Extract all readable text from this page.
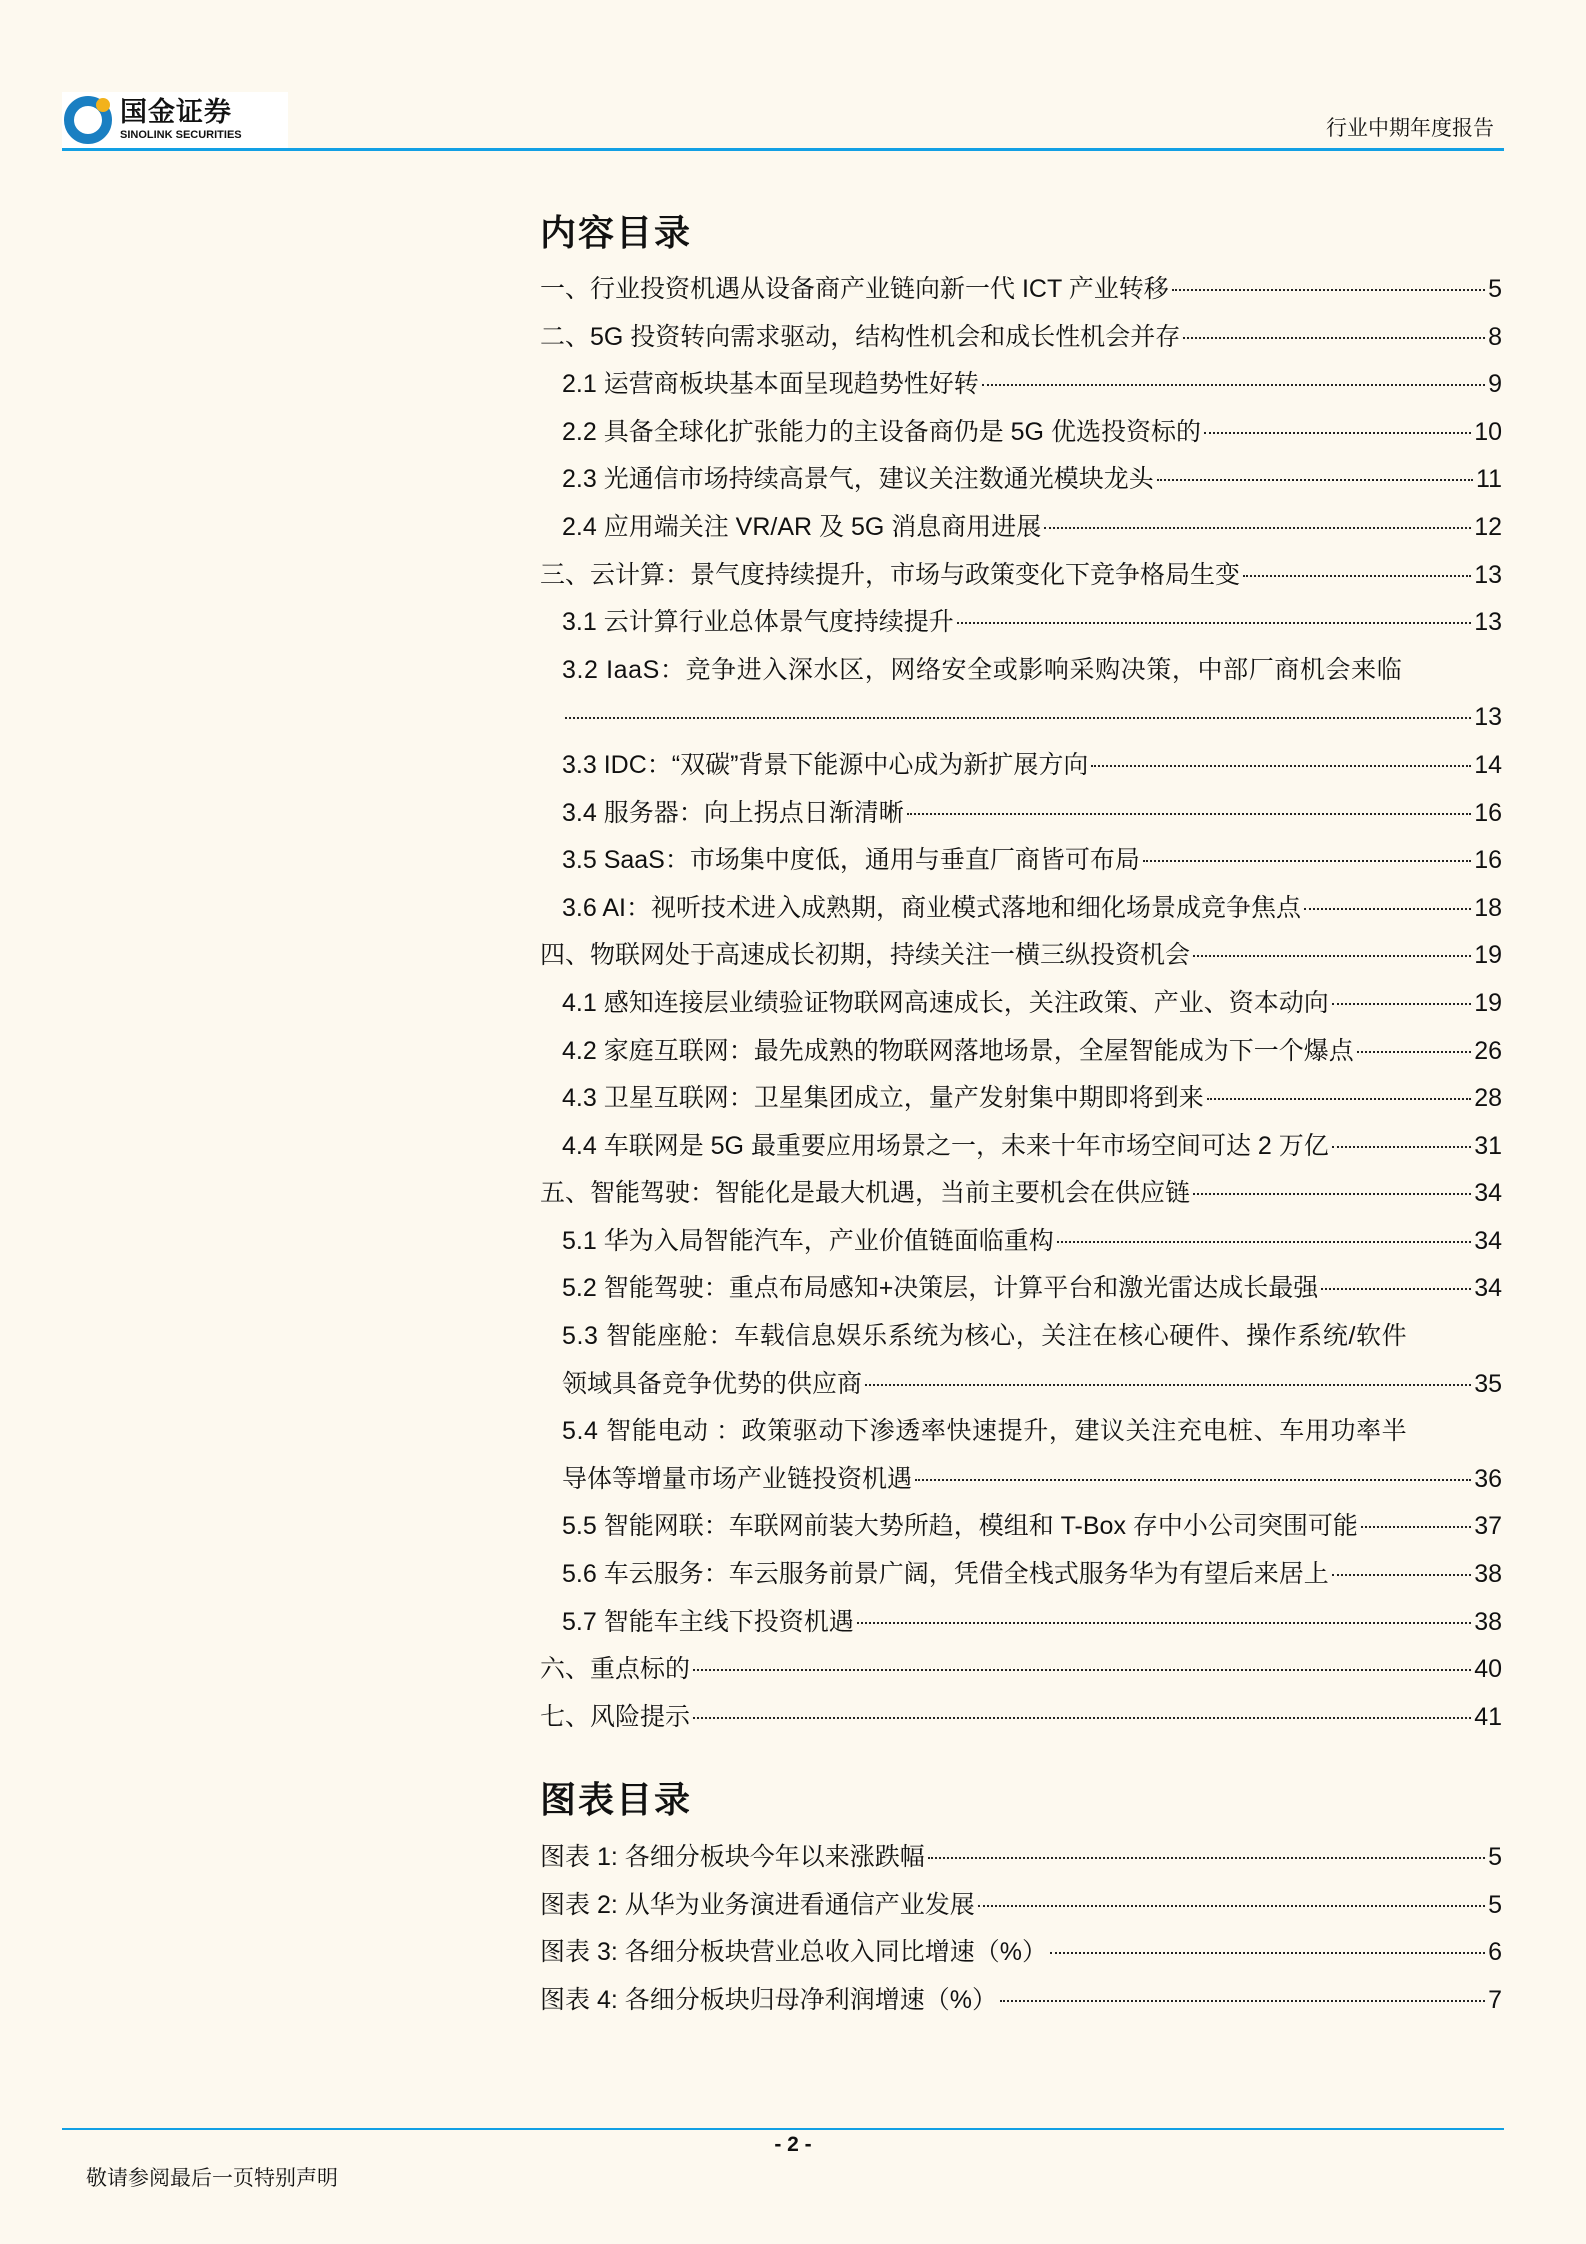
国金证券
SINOLINK SECURITIES	行业中期年度报告
内容目录
一、行业投资机遇从设备商产业链向新一代 ICT 产业转移	5
二、5G 投资转向需求驱动，结构性机会和成长性机会并存	8
2.1 运营商板块基本面呈现趋势性好转	9
2.2 具备全球化扩张能力的主设备商仍是 5G 优选投资标的	10
2.3 光通信市场持续高景气，建议关注数通光模块龙头	11
2.4 应用端关注 VR/AR 及 5G 消息商用进展	12
三、云计算：景气度持续提升，市场与政策变化下竞争格局生变	13
3.1 云计算行业总体景气度持续提升	13
3.2 IaaS：竞争进入深水区，网络安全或影响采购决策，中部厂商机会来临
13
3.3 IDC：“双碳”背景下能源中心成为新扩展方向	14
3.4 服务器：向上拐点日渐清晰	16
3.5 SaaS：市场集中度低，通用与垂直厂商皆可布局	16
3.6 AI：视听技术进入成熟期，商业模式落地和细化场景成竞争焦点	18
四、物联网处于高速成长初期，持续关注一横三纵投资机会	19
4.1 感知连接层业绩验证物联网高速成长，关注政策、产业、资本动向	19
4.2 家庭互联网：最先成熟的物联网落地场景，全屋智能成为下一个爆点	26
4.3 卫星互联网：卫星集团成立，量产发射集中期即将到来	28
4.4 车联网是 5G 最重要应用场景之一，未来十年市场空间可达 2 万亿	31
五、智能驾驶：智能化是最大机遇，当前主要机会在供应链	34
5.1 华为入局智能汽车，产业价值链面临重构	34
5.2 智能驾驶：重点布局感知+决策层，计算平台和激光雷达成长最强	34
5.3 智能座舱：车载信息娱乐系统为核心，关注在核心硬件、操作系统/软件
领域具备竞争优势的供应商	35
5.4 智能电动 ：政策驱动下渗透率快速提升，建议关注充电桩、车用功率半
导体等增量市场产业链投资机遇	36
5.5 智能网联：车联网前装大势所趋，模组和 T-Box 存中小公司突围可能	37
5.6 车云服务：车云服务前景广阔，凭借全栈式服务华为有望后来居上	38
5.7 智能车主线下投资机遇	38
六、重点标的	40
七、风险提示	41
图表目录
图表 1: 各细分板块今年以来涨跌幅	5
图表 2: 从华为业务演进看通信产业发展	5
图表 3: 各细分板块营业总收入同比增速（%）	6
图表 4: 各细分板块归母净利润增速（%）	7
- 2 -
敬请参阅最后一页特别声明
